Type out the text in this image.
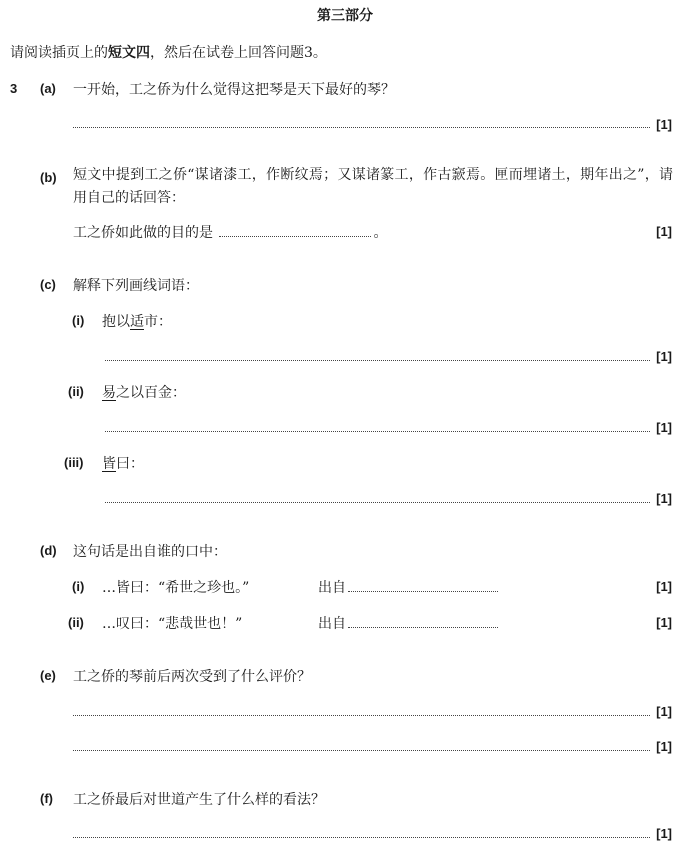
第三部分
请阅读插页上的短文四，然后在试卷上回答问题3。
3 (a) 一开始，工之侨为什么觉得这把琴是天下最好的琴？
[1]
(b) 短文中提到工之侨“谋诸漆工，作断纹焉；又谋诸篆工，作古窾焉。匣而埋诸土，期年出之”，请用自己的话回答：
工之侨如此做的目的是	。	[1]
(c) 解释下列画线词语：
(i) 抱以适市：
[1]
(ii) 易之以百金：
[1]
(iii) 皆曰：
[1]
(d) 这句话是出自谁的口中：
(i) …皆曰：“希世之珍也。”	出自	[1]
(ii) …叹曰：“悲哉世也！”	出自	[1]
(e) 工之侨的琴前后两次受到了什么评价？
[1]
[1]
(f) 工之侨最后对世道产生了什么样的看法？
[1]
